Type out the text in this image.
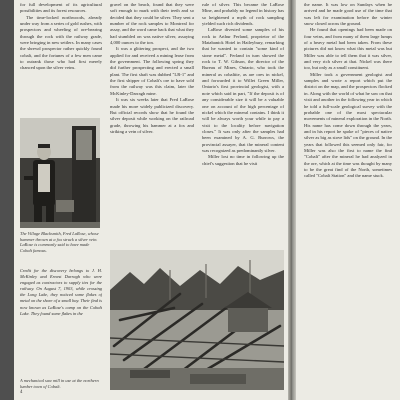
for full development of its agricultural possibilities and its forest resources.

The time-locked northwoods, already under way from a series of gold rushes, with prospectors and wheeling of ore-bearing through the rock with the railway grade, were bringing in new settlers. In many cases the shrewd prospector rather quickly found cobalt, and the fortunes of a few men came to outrank those who had first merely chanced upon the silver veins.

The Village Blacksmith, Fred LaRose, whose hammer thrown at a fox struck a silver vein. LaRose is commonly said to have made Cobalt famous.

Credit for the discovery belongs to J. H. McKinley and Ernest Darragh who were engaged as contractors to supply ties for the railway. On August 7, 1903, while crossing the Long Lake, they noticed some flakes of metal on the shore of a small bay. Their find is now known as LaRose's camp on the Cobalt Lake. They found some flakes in the

A mechanical saw mill in use at the northern lumber town of Cobalt.
4

gravel on the beach, found that they were soft enough to mark with their teeth and so decided that they could be silver. They sent a number of the rock samples to Montreal for assay, and the word came back that what they had stumbled on was native silver, assaying 4,000 ounces to the ton.

It was a glittering prospect, and the two applied for and received a mining lease from the government. The following spring they did further prospecting and erected a small plant. The first shaft was dubbed "LR-1" and the first shipper of Cobalt's ore to have sold from the railway was this claim, later the McKinley-Darragh mine.

It was six weeks later that Fred LaRose made his more widely publicized discovery. But official records show that he found the silver deposit while working on the railroad grade, throwing his hammer at a fox and striking a vein of silver.

rule of silver. This became the LaRose Mine, and probably no legend in history has so heightened a myth of rock sampling yielded such rich dividends.

LaRose divested some samples of his rock to Arthur Ferland, proprietor of the Matabanick Hotel in Haileybury, remarking that he wanted to contain "some kind of stone metal". Ferland in turn showed the rock to T. W. Gibson, the director of the Bureau of Mines, Ontario, who took the mineral as cobaltite, as are ores in nickel, and forwarded it to Willet Green Miller, Ontario's first provincial geologist, with a note which said in part, "If the deposit is of any considerable size it will be a valuable one on account of the high percentage of nickel which the mineral contains. I think it will be always worth your while to pay a visit to the locality before navigation closes." It was only after the samples had been examined by A. G. Burrows, the provincial assayer, that the mineral content was recognized as predominantly silver.

Miller lost no time in following up the chief's suggestion that he visit

the name. It was low on Sundays when he arrived and he made good use of the time that was left for examination before the winter snow closed across the ground.

He found that openings had been made on four veins, and from many of them large lumps of a heavy metal had been taken. From these pictures did not know what this metal was but Miller was able to tell them that it was silver, and very rich silver at that. Nickel was there too, but only as a small constituent.

Miller took a government geologist and samples and wrote a report which put the district on the map, and the prospectors flocked in. Along with the world of what he saw on that visit and another in the following year in which he told a full-scale geological survey with the probable one of the most spectacular movements of mineral exploration in the North. His name has come down through the years, and in his report he spoke of "pieces of native silver as big as stove lids" on the ground. In the years that followed this seemed only fair, for Miller was also the first to name the find "Cobalt" after the mineral he had analyzed in the ore, which at the time was thought by many to be the great find of the North, sometimes called "Cobalt Station" and the name stuck.
